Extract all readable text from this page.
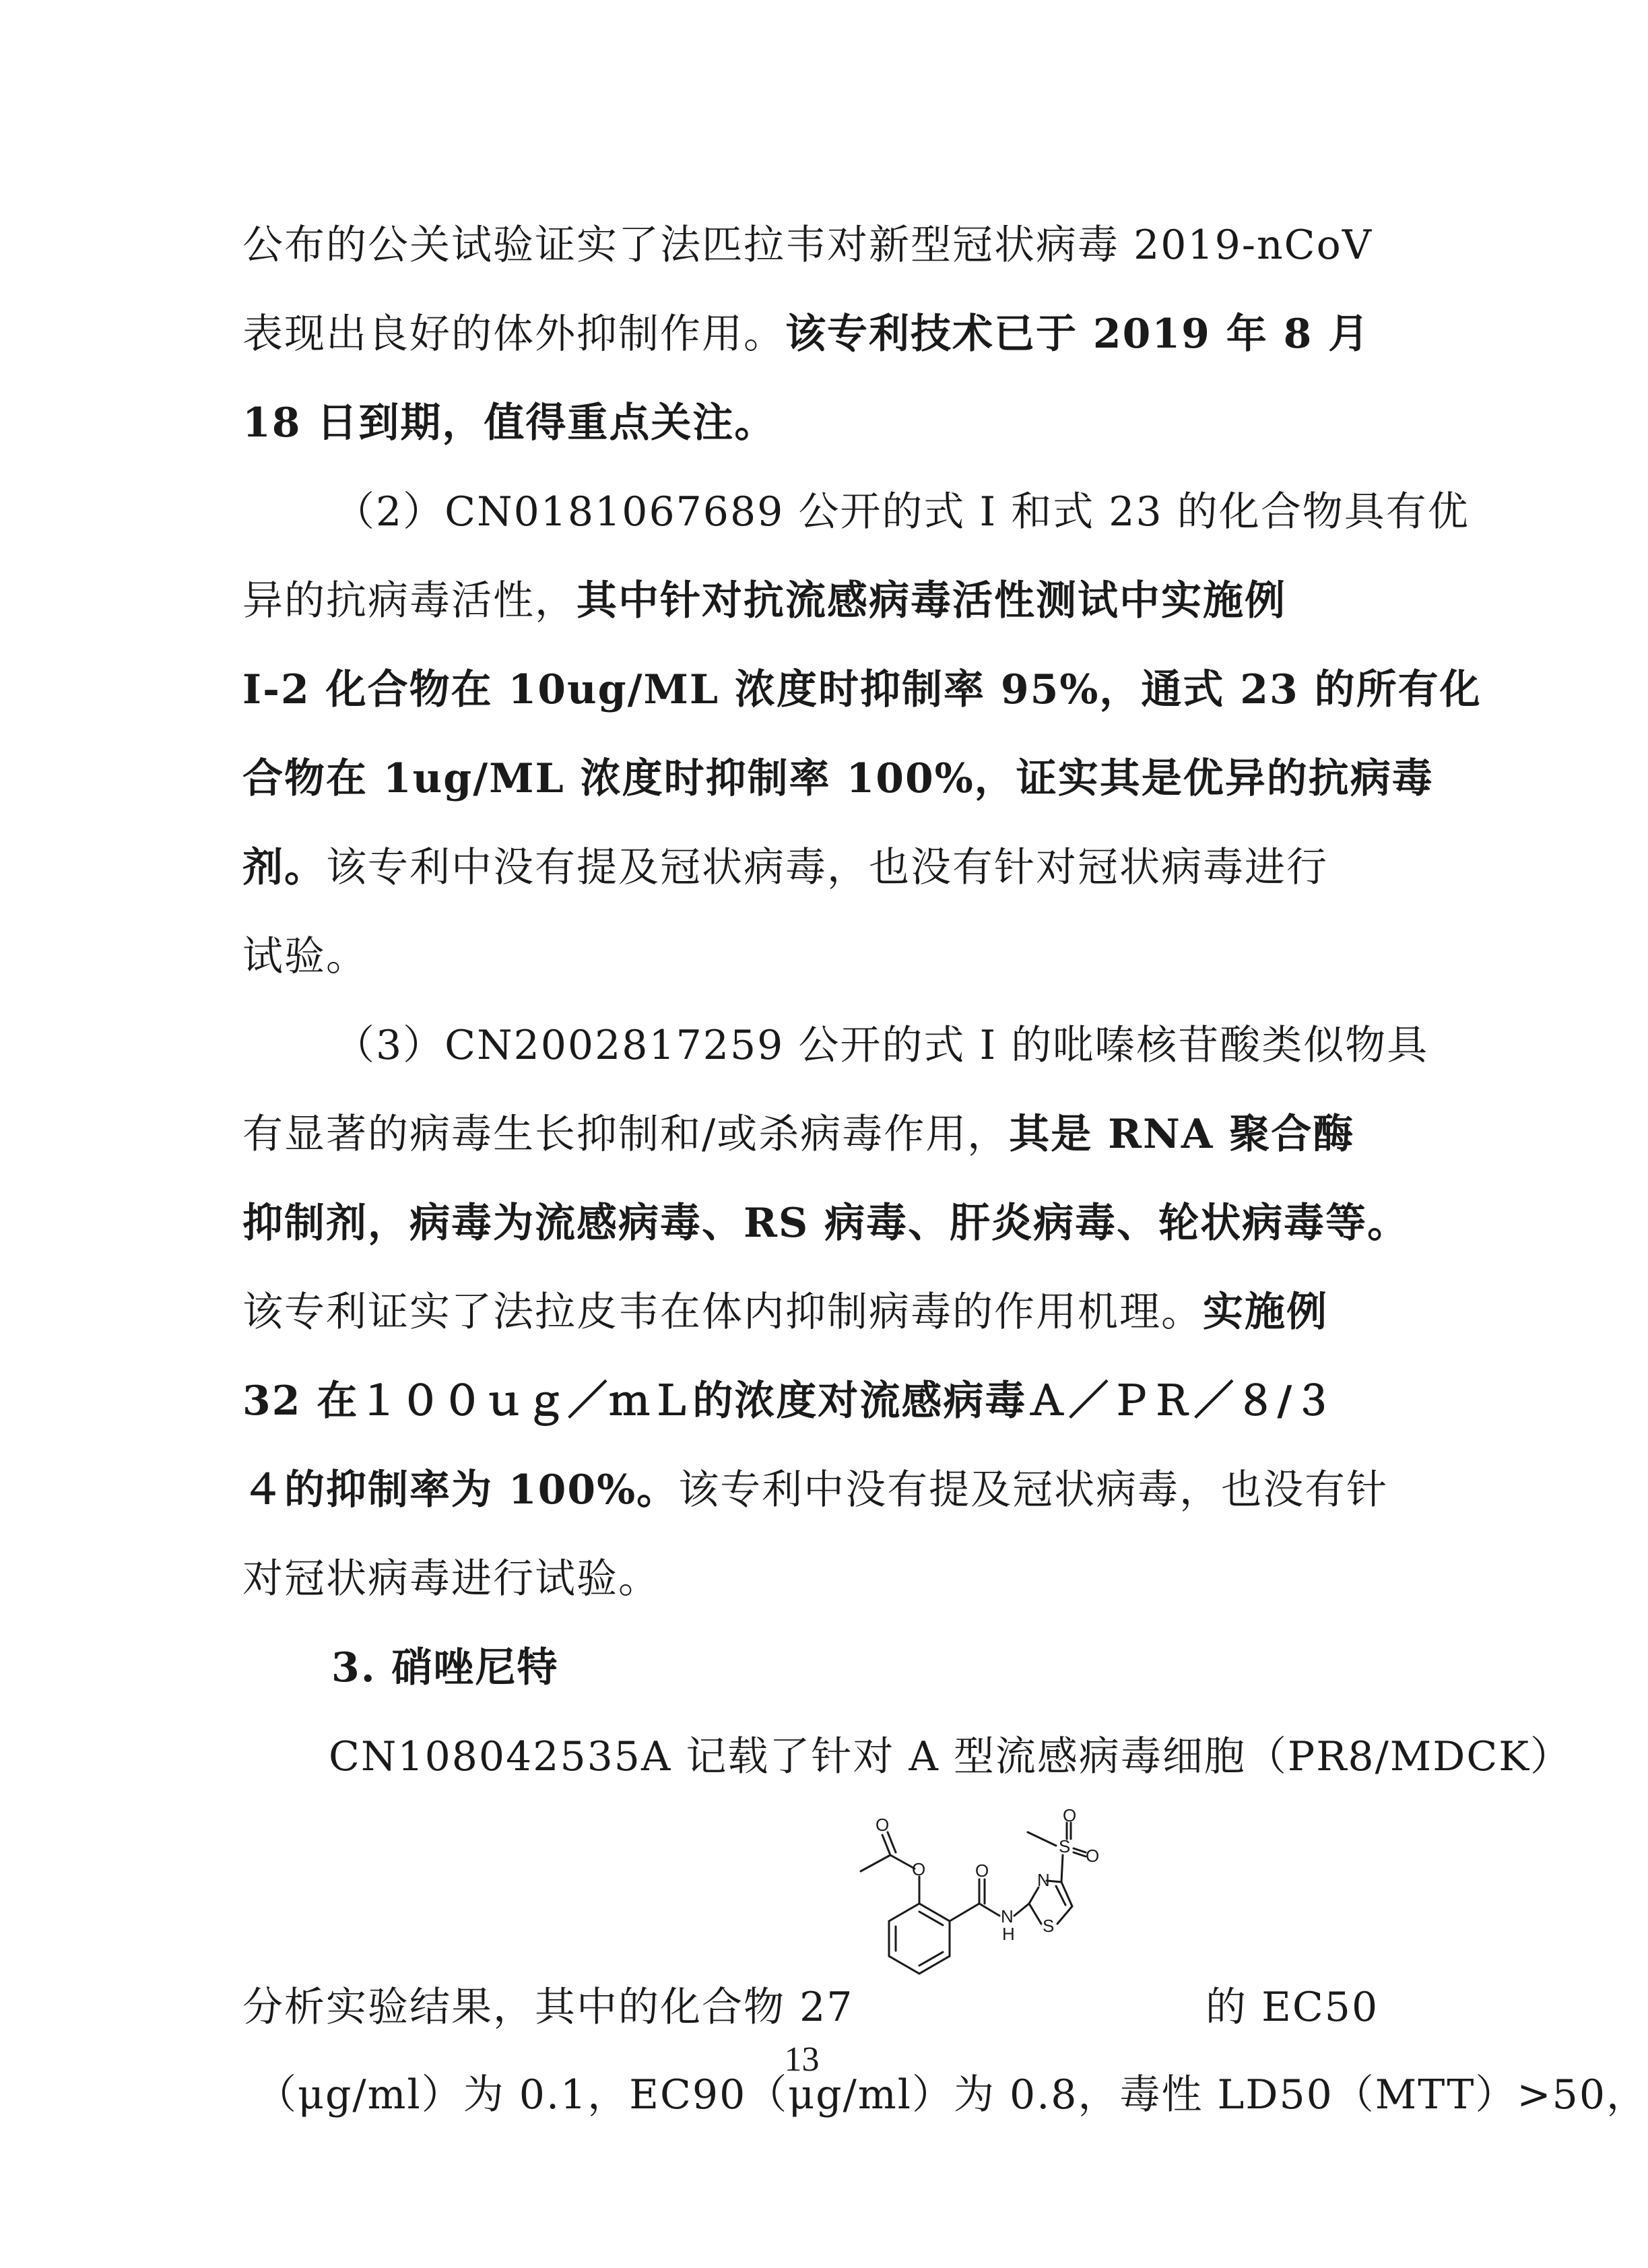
公布的公关试验证实了法匹拉韦对新型冠状病毒 2019-nCoV
表现出良好的体外抑制作用。该专利技术已于 2019 年 8 月
18 日到期，值得重点关注。
（2）CN0181067689 公开的式 I 和式 23 的化合物具有优
异的抗病毒活性，其中针对抗流感病毒活性测试中实施例
I-2 化合物在 10ug/ML 浓度时抑制率 95%，通式 23 的所有化
合物在 1ug/ML 浓度时抑制率 100%，证实其是优异的抗病毒
剂。该专利中没有提及冠状病毒，也没有针对冠状病毒进行
试验。
（3）CN2002817259 公开的式 I 的吡嗪核苷酸类似物具
有显著的病毒生长抑制和/或杀病毒作用，其是 RNA 聚合酶
抑制剂，病毒为流感病毒、RS 病毒、肝炎病毒、轮状病毒等。
该专利证实了法拉皮韦在体内抑制病毒的作用机理。实施例
32 在１００ｕｇ／ｍＬ的浓度对流感病毒Ａ／ＰＲ／８/３
４的抑制率为 100%。该专利中没有提及冠状病毒，也没有针
对冠状病毒进行试验。
3. 硝唑尼特
CN108042535A 记载了针对 A 型流感病毒细胞（PR8/MDCK）
分析实验结果，其中的化合物 27
O
O
O
N
H
N
S
S
O
O
的 EC50
（μg/ml）为 0.1，EC90（μg/ml）为 0.8，毒性 LD50（MTT）>50，
13
